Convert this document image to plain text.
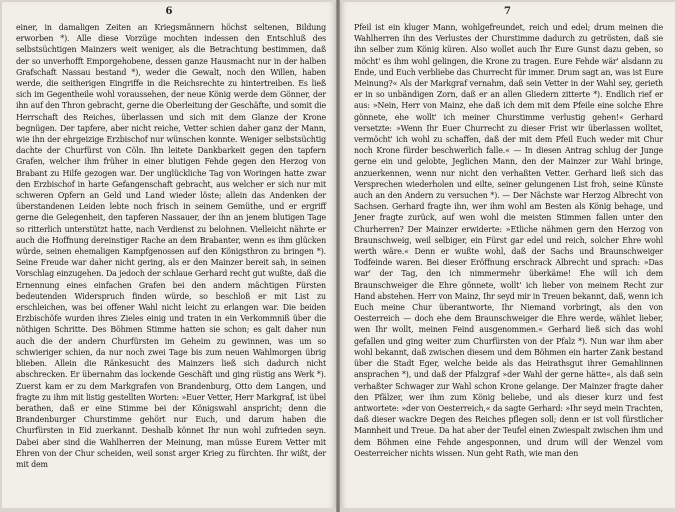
6

einer, in damaligen Zeiten an Kriegsmännern höchst seltenen, Bildung erworben *). Alle diese Vorzüge mochten indessen den Entschluß des selbstsüchtigen Mainzers weit weniger, als die Betrachtung bestimmen, daß der so unverhofft Emporgehobene, dessen ganze Hausmacht nur in der halben Grafschaft Nassau bestand *), weder die Gewalt, noch den Willen, haben werde, die seitherigen Eingriffe in die Reichsrechte zu hintertreiben. Es ließ sich im Gegentheile wohl voraussehen, der neue König werde dem Gönner, der ihn auf den Thron gebracht, gerne die Oberleitung der Geschäfte, und somit die Herrschaft des Reiches, überlassen und sich mit dem Glanze der Krone begnügen. Der tapfere, aber nicht reiche, Vetter schien daher ganz der Mann, wie ihn der ehrgeizige Erzbischof nur wünschen konnte. Weniger selbstsüchtig dachte der Churfürst von Cöln. Ihn leitete Dankbarkeit gegen den tapfern Grafen, welcher ihm früher in einer blutigen Fehde gegen den Herzog von Brabant zu Hilfe gezogen war. Der unglückliche Tag von Woringen hatte zwar den Erzbischof in harte Gefangenschaft gebracht, aus welcher er sich nur mit schweren Opfern an Geld und Land wieder löste; allein das Andenken der überstandenen Leiden lebte noch frisch in seinem Gemüthe, und er ergriff gerne die Gelegenheit, den tapferen Nassauer, der ihn an jenem blutigen Tage so ritterlich unterstützt hatte, nach Verdienst zu belohnen. Vielleicht nährte er auch die Hoffnung dereinstiger Rache an dem Brabanter, wenn es ihm glücken würde, seinen ehemaligen Kampfgenossen auf den Königsthron zu bringen *). Seine Freude war daher nicht gering, als er den Mainzer bereit sah, in seinen Vorschlag einzugehen. Da jedoch der schlaue Gerhard recht gut wußte, daß die Ernennung eines einfachen Grafen bei den andern mächtigen Fürsten bedeutenden Widerspruch finden würde, so beschloß er mit List zu erschleichen, was bei offener Wahl nicht leicht zu erlangen war. Die beiden Erzbischöfe wurden ihres Zieles einig und traten in ein Verkommniß über die nöthigen Schritte. Des Böhmen Stimme hatten sie schon; es galt daher nun auch die der andern Churfürsten im Geheim zu gewinnen, was um so schwieriger schien, da nur noch zwei Tage bis zum neuen Wahlmorgen übrig blieben. Allein die Ränkesucht des Mainzers ließ sich dadurch nicht abschrecken. Er übernahm das lockende Geschäft und ging rüstig ans Werk *). Zuerst kam er zu dem Markgrafen von Brandenburg, Otto dem Langen, und fragte zu ihm mit listig gestellten Worten: »Euer Vetter, Herr Markgraf, ist übel berathen, daß er eine Stimme bei der Königswahl anspricht; denn die Brandenburger Churstimme gehört nur Euch, und darum haben die Churfürsten in Eid zuerkannt. Deshalb könnet Ihr nun wohl zufrieden seyn. Dabei aber sind die Wahlherren der Meinung, man müsse Eurem Vetter mit Ehren von der Chur scheiden, weil sonst arger Krieg zu fürchten. Ihr wißt, der mit dem

7

Pfeil ist ein kluger Mann, wohlgefreundet, reich und edel; drum meinen die Wahlherren ihn des Verlustes der Churstimme dadurch zu getrösten, daß sie ihn selber zum König küren. Also wollet auch Ihr Eure Gunst dazu geben, so möcht' es ihm wohl gelingen, die Krone zu tragen. Eure Fehde wär' alsdann zu Ende, und Euch verbliebe das Churrecht für immer. Drum sagt an, was ist Eure Meinung?« Als der Markgraf vernahm, daß sein Vetter in der Wahl sey, gerieth er in so unbändigen Zorn, daß er an allen Gliedern zitterte *). Endlich rief er aus: »Nein, Herr von Mainz, ehe daß ich dem mit dem Pfeile eine solche Ehre gönnete, ehe wollt' ich meiner Churstimme verlustig gehen!« Gerhard versetzte: »Wenn Ihr Euer Churrecht zu dieser Frist wir überlassen wolltet, vermöcht' ich wohl zu schaffen, daß der mit dem Pfeil Euch weder mit Chur noch Krone fürder beschwerlich falle.« — In diesen Antrag schlug der Junge gerne ein und gelobte, Jeglichen Mann, den der Mainzer zur Wahl bringe, anzuerkennen, wenn nur nicht den verhaßten Vetter. Gerhard ließ sich das Versprechen wiederholen und eilte, seiner gelungenen List froh, seine Künste auch an den Andern zu versuchen *). — Der Nächste war Herzog Albrecht von Sachsen. Gerhard fragte ihn, wer ihm wohl am Besten als König behage, und Jener fragte zurück, auf wen wohl die meisten Stimmen fallen unter den Churherren? Der Mainzer erwiderte: »Etliche nähmen gern den Herzog von Braunschweig, weil selbiger, ein Fürst gar edel und reich, solcher Ehre wohl werth wäre.« Denn er wußte wohl, daß der Sachs und Braunschweiger Todfeinde waren. Bei dieser Eröffnung erschrack Albrecht und sprach: »Das war' der Tag, den ich nimmermehr überkäme! Ehe will ich dem Braunschweiger die Ehre gönnete, wollt' ich lieber von meinem Recht zur Hand abstehen. Herr von Mainz, Ihr seyd mir in Treuen bekannt, daß, wenn ich Euch meine Chur überantworte, Ihr Niemand vorbringt, als den von Oesterreich — doch ehe dem Braunschweiger die Ehre werde, wählet lieber, wen Ihr wollt, meinen Feind ausgenommen.« Gerhard ließ sich das wohl gefallen und ging weiter zum Churfürsten von der Pfalz *). Nun war ihm aber wohl bekannt, daß zwischen diesem und dem Böhmen ein harter Zank bestand über die Stadt Eger, welche beide als das Heirathsgut ihrer Gemahlinnen ansprachen *), und daß der Pfalzgraf »der Wahl der gerne hätte«, als daß sein verhaßter Schwager zur Wahl schon Krone gelange. Der Mainzer fragte daher den Pfälzer, wer ihm zum König beliebe, und als dieser kurz und fest antwortete: »der von Oesterreich,« da sagte Gerhard: »Ihr seyd mein Trachten, daß dieser wackre Degen des Reiches pflegen soll; denn er ist voll fürstlicher Mannheit und Treue. Da hat aber der Teufel einen Zwiespalt zwischen ihm und dem Böhmen eine Fehde angesponnen, und drum will der Wenzel vom Oesterreicher nichts wissen. Nun geht Rath, wie man den
